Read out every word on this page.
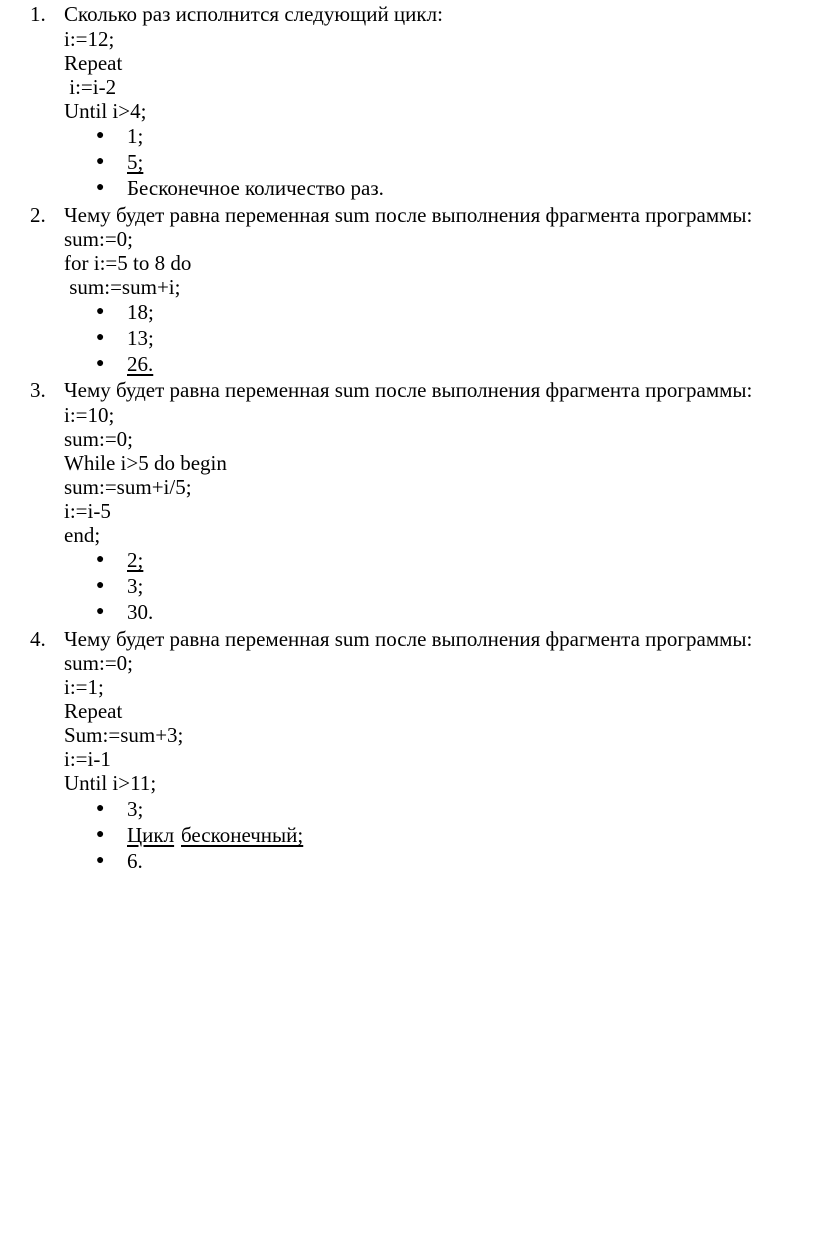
1. Сколько раз исполнится следующий цикл:
i:=12;
Repeat
i:=i-2
Until i>4;
● 1;
● 5;
● Бесконечное количество раз.
2. Чему будет равна переменная sum после выполнения фрагмента программы:
sum:=0;
for i:=5 to 8 do
sum:=sum+i;
● 18;
● 13;
● 26.
3. Чему будет равна переменная sum после выполнения фрагмента программы:
i:=10;
sum:=0;
While i>5 do begin
sum:=sum+i/5;
i:=i-5
end;
● 2;
● 3;
● 30.
4. Чему будет равна переменная sum после выполнения фрагмента программы:
sum:=0;
i:=1;
Repeat
Sum:=sum+3;
i:=i-1
Until i>11;
● 3;
● Цикл бесконечный;
● 6.
